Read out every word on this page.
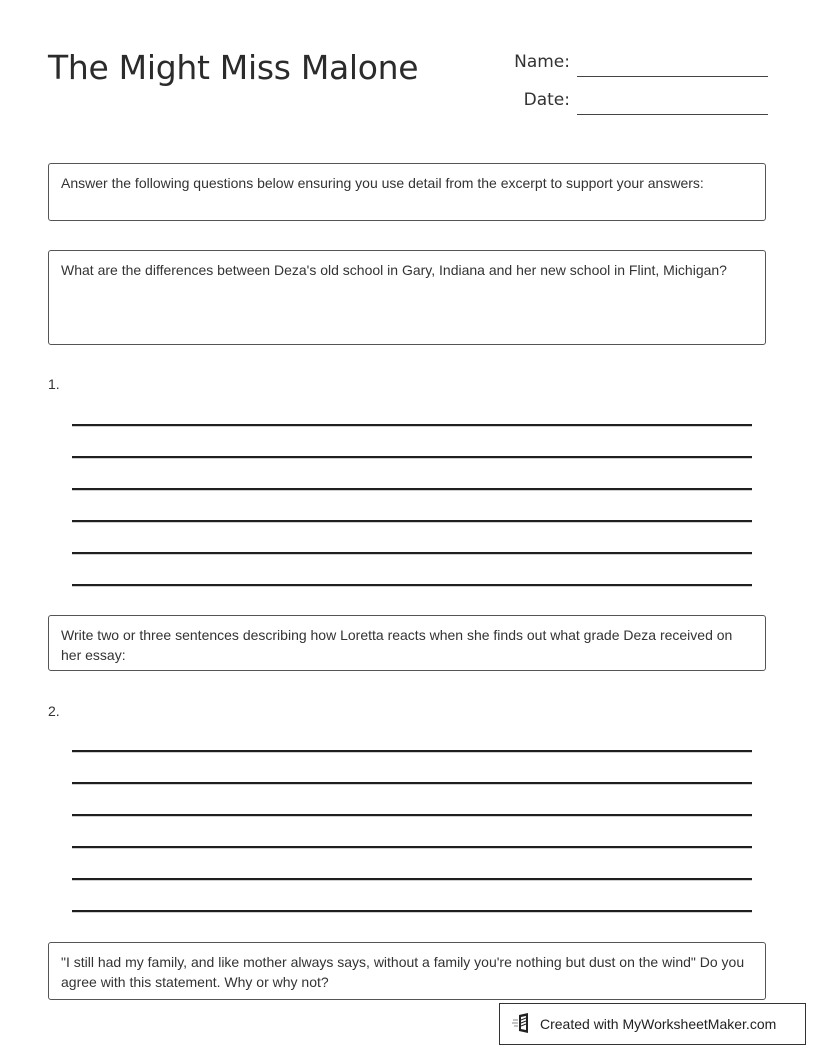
The Might Miss Malone	Name:
Date:
Answer the following questions below ensuring you use detail from the excerpt to support your answers:
What are the differences between Deza's old school in Gary, Indiana and her new school in Flint, Michigan?
1.
Write two or three sentences describing how Loretta reacts when she finds out what grade Deza received on her essay:
2.
"I still had my family, and like mother always says, without a family you're nothing but dust on the wind" Do you agree with this statement. Why or why not?
Created with MyWorksheetMaker.com
